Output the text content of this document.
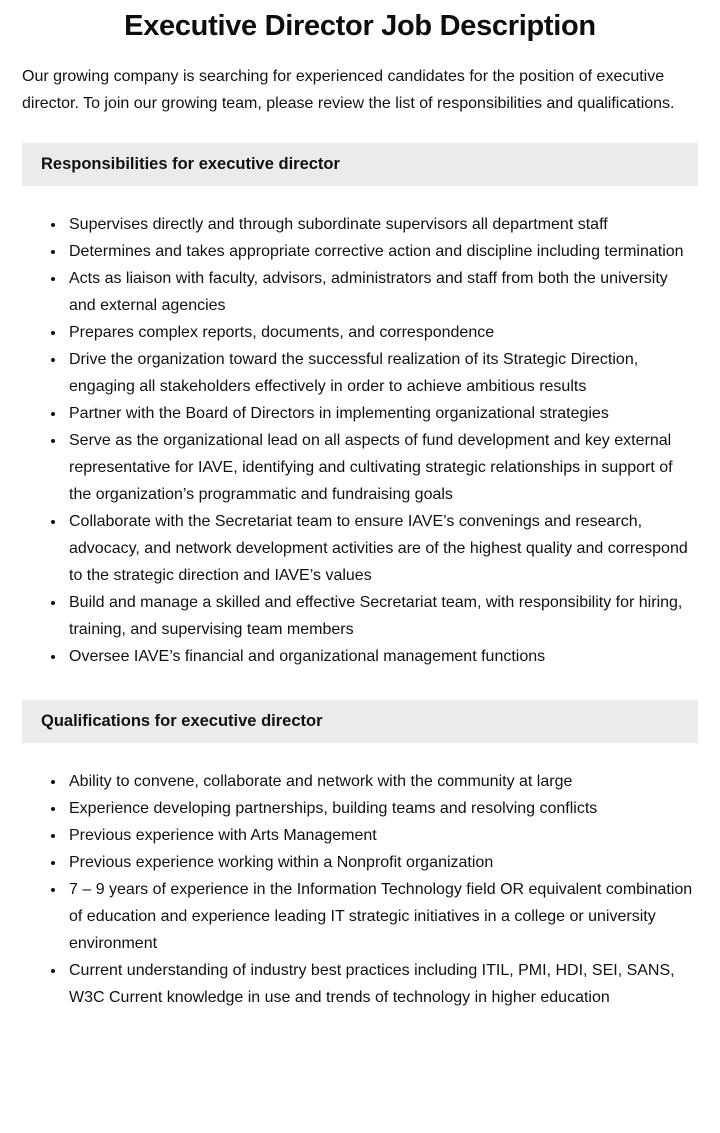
Executive Director Job Description

Our growing company is searching for experienced candidates for the position of executive director. To join our growing team, please review the list of responsibilities and qualifications.

Responsibilities for executive director
• Supervises directly and through subordinate supervisors all department staff
• Determines and takes appropriate corrective action and discipline including termination
• Acts as liaison with faculty, advisors, administrators and staff from both the university and external agencies
• Prepares complex reports, documents, and correspondence
• Drive the organization toward the successful realization of its Strategic Direction, engaging all stakeholders effectively in order to achieve ambitious results
• Partner with the Board of Directors in implementing organizational strategies
• Serve as the organizational lead on all aspects of fund development and key external representative for IAVE, identifying and cultivating strategic relationships in support of the organization’s programmatic and fundraising goals
• Collaborate with the Secretariat team to ensure IAVE’s convenings and research, advocacy, and network development activities are of the highest quality and correspond to the strategic direction and IAVE’s values
• Build and manage a skilled and effective Secretariat team, with responsibility for hiring, training, and supervising team members
• Oversee IAVE’s financial and organizational management functions
Qualifications for executive director
• Ability to convene, collaborate and network with the community at large
• Experience developing partnerships, building teams and resolving conflicts
• Previous experience with Arts Management
• Previous experience working within a Nonprofit organization
• 7 – 9 years of experience in the Information Technology field OR equivalent combination of education and experience leading IT strategic initiatives in a college or university environment
• Current understanding of industry best practices including ITIL, PMI, HDI, SEI, SANS, W3C Current knowledge in use and trends of technology in higher education
